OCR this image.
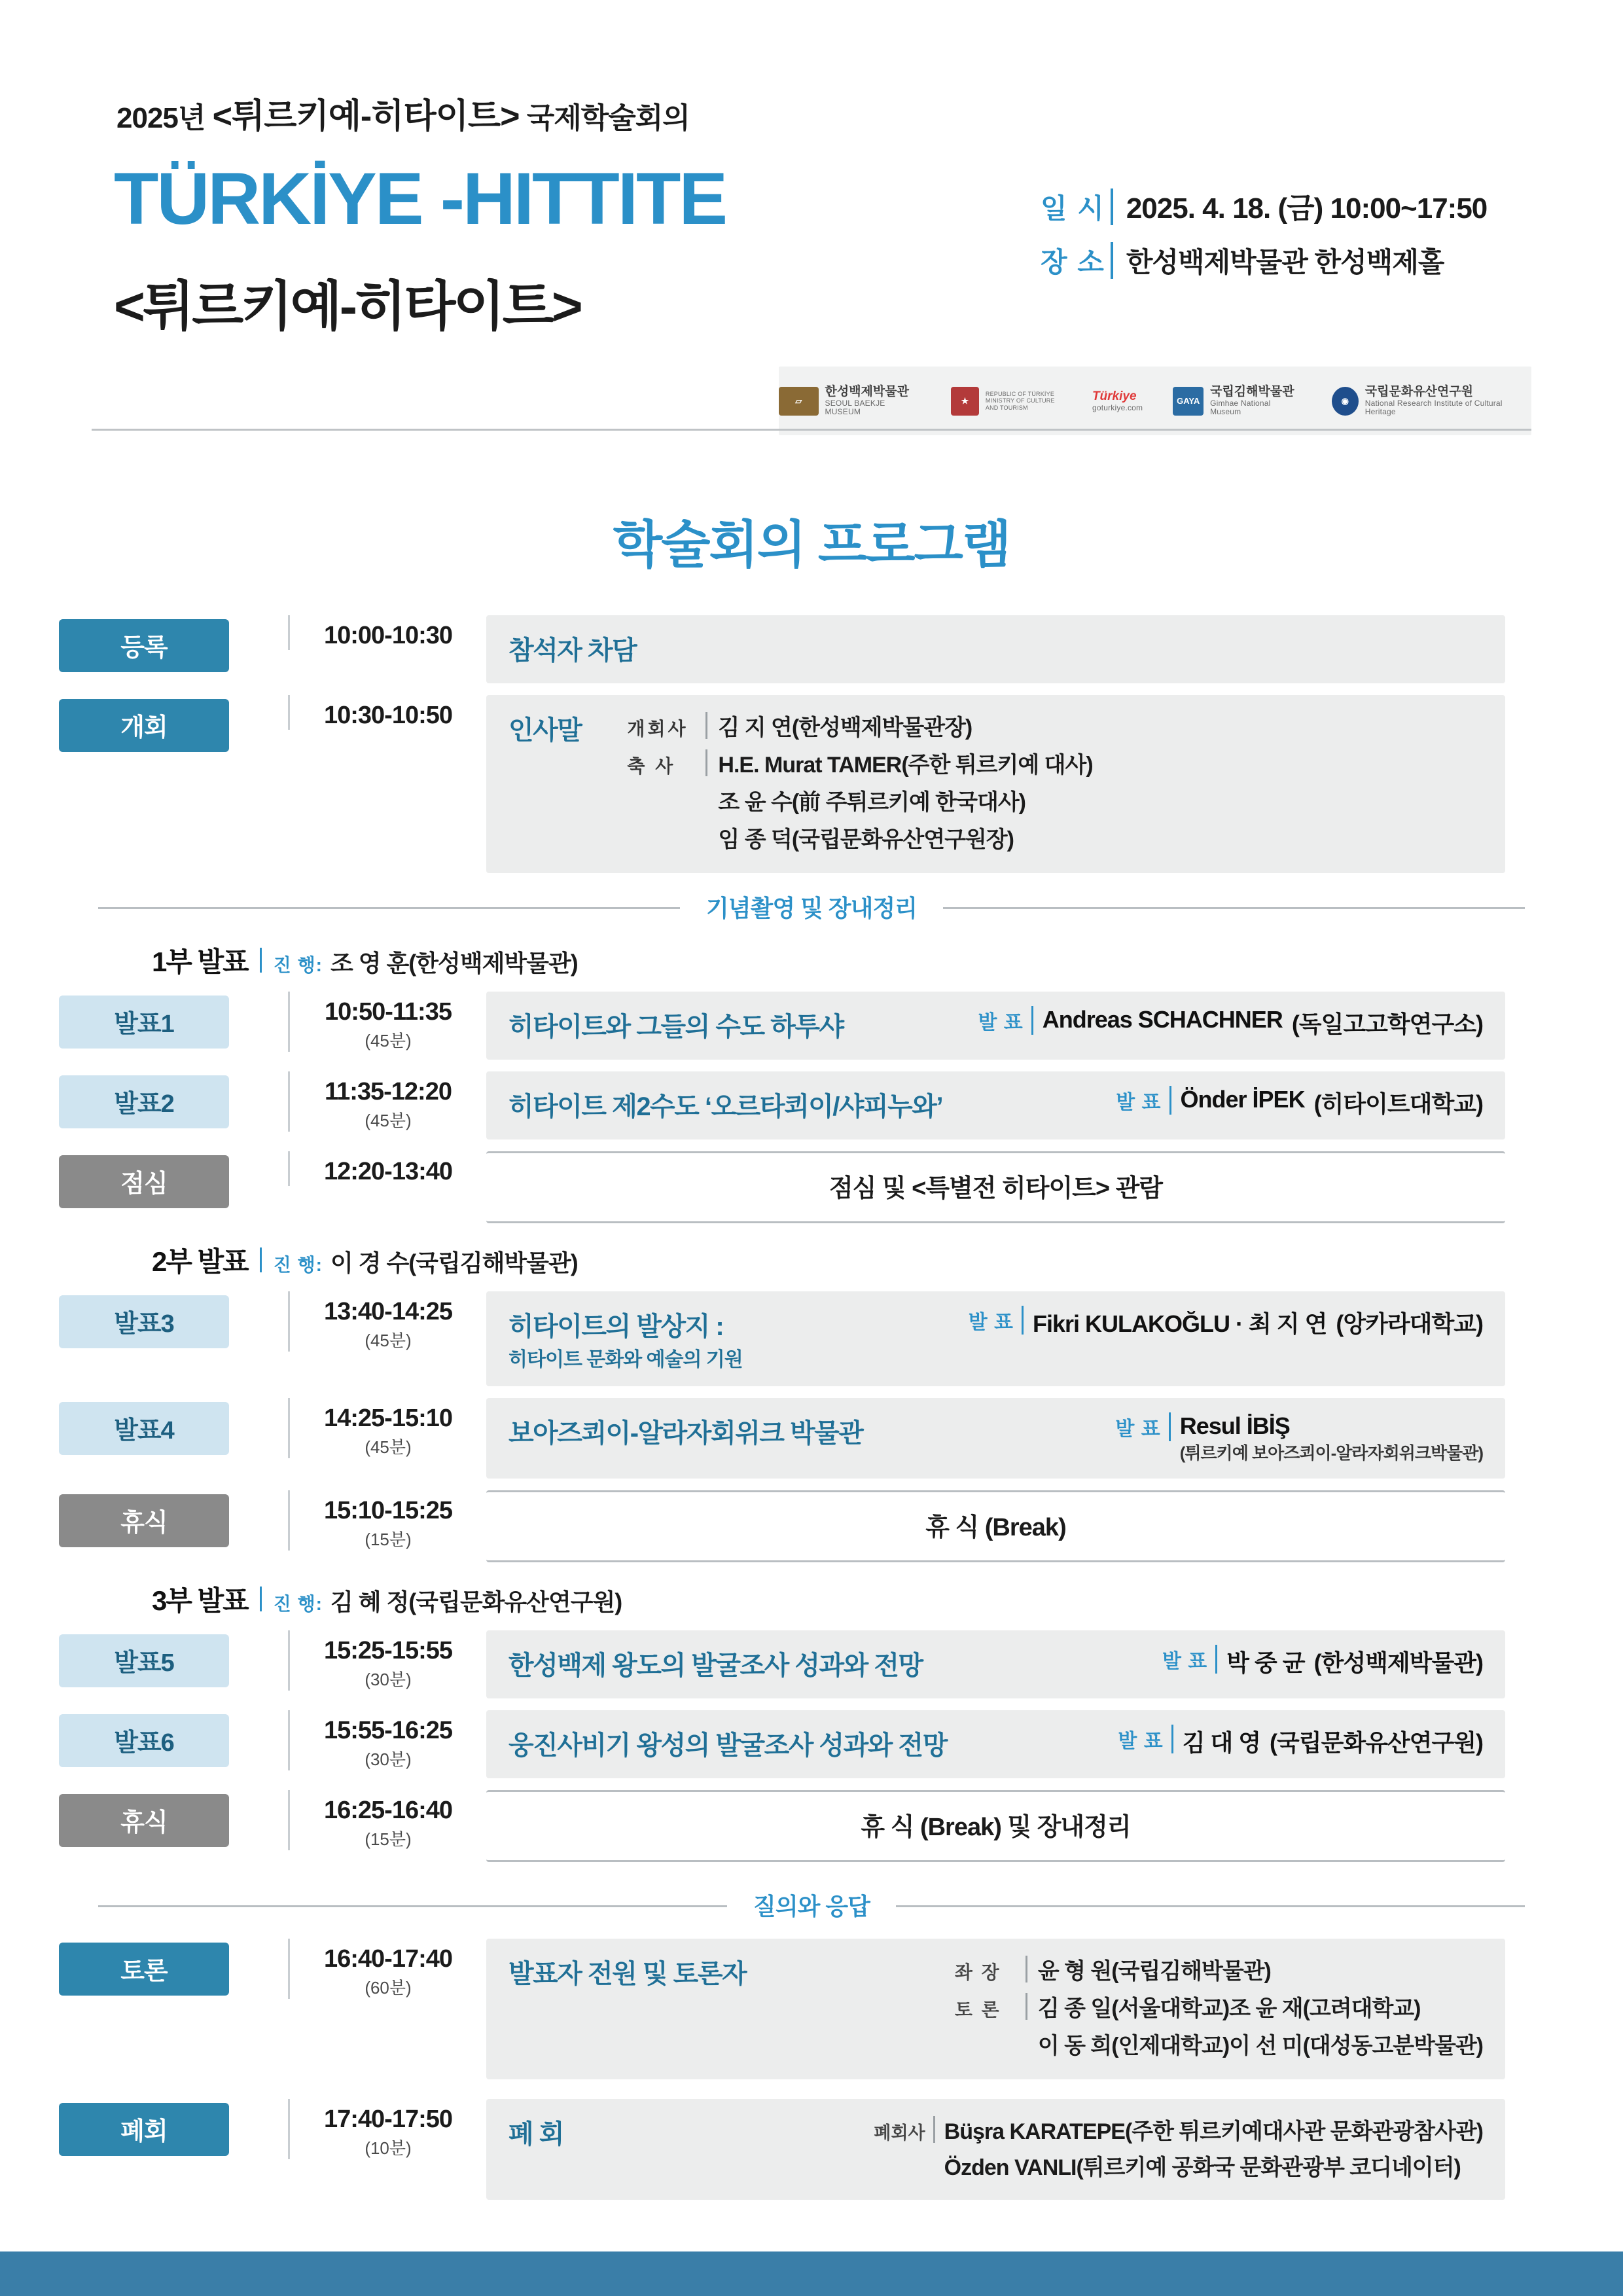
2025년 <튀르키예-히타이트> 국제학술회의
TÜRKİYE -HITTITE
<튀르키예-히타이트>
일 시 2025. 4. 18. (금) 10:00~17:50
장 소 한성백제박물관 한성백제홀
▱
한성백제박물관
SEOUL BAEKJE MUSEUM
★
REPUBLIC OF TÜRKİYE MINISTRY OF CULTURE AND TOURISM
Türkiye
goturkiye.com
GAYA
국립김해박물관
Gimhae National Museum
◉
국립문화유산연구원
National Research Institute of Cultural Heritage
학술회의 프로그램
등록	10:00-10:30
참석자 차담
개회	10:30-10:50
인사말	개회사	김 지 연 (한성백제박물관장)
축 사	H.E. Murat TAMER (주한 튀르키예 대사)
조 윤 수 (前 주튀르키예 한국대사)
임 종 덕 (국립문화유산연구원장)
기념촬영 및 장내정리
1부 발표 진 행: 조 영 훈 (한성백제박물관)
발표1	10:50-11:35
(45분)	히타이트와 그들의 수도 하투샤	발 표 Andreas SCHACHNER (독일고고학연구소)
발표2	11:35-12:20
(45분)	히타이트 제2수도 ‘오르타쾨이/샤피누와’	발 표 Önder İPEK (히타이트대학교)
점심	12:20-13:40
점심 및 <특별전 히타이트> 관람
2부 발표 진 행: 이 경 수 (국립김해박물관)
발표3	13:40-14:25
(45분)	히타이트의 발상지 :
히타이트 문화와 예술의 기원
발 표 Fikri KULAKOĞLU · 최 지 연 (앙카라대학교)
발표4	14:25-15:10
(45분)	보아즈쾨이-알라자회위크 박물관	발 표 Resul İBİŞ
(튀르키예 보아즈쾨이-알라자회위크박물관)
휴식	15:10-15:25
(15분)	휴 식 (Break)
3부 발표 진 행: 김 혜 정 (국립문화유산연구원)
발표5	15:25-15:55
(30분)	한성백제 왕도의 발굴조사 성과와 전망	발 표 박 중 균 (한성백제박물관)
발표6	15:55-16:25
(30분)	웅진사비기 왕성의 발굴조사 성과와 전망	발 표 김 대 영 (국립문화유산연구원)
휴식	16:25-16:40
(15분)	휴 식 (Break) 및 장내정리
질의와 응답
토론	16:40-17:40
(60분)	발표자 전원 및 토론자	좌 장	윤 형 원 (국립김해박물관)
토 론	김 종 일 (서울대학교) 조 윤 재 (고려대학교)
이 동 희 (인제대학교) 이 선 미 (대성동고분박물관)
폐회	17:40-17:50
(10분)	폐 회	폐회사 Büşra KARATEPE (주한 튀르키예대사관 문화관광참사관)
Özden VANLI (튀르키예 공화국 문화관광부 코디네이터)
